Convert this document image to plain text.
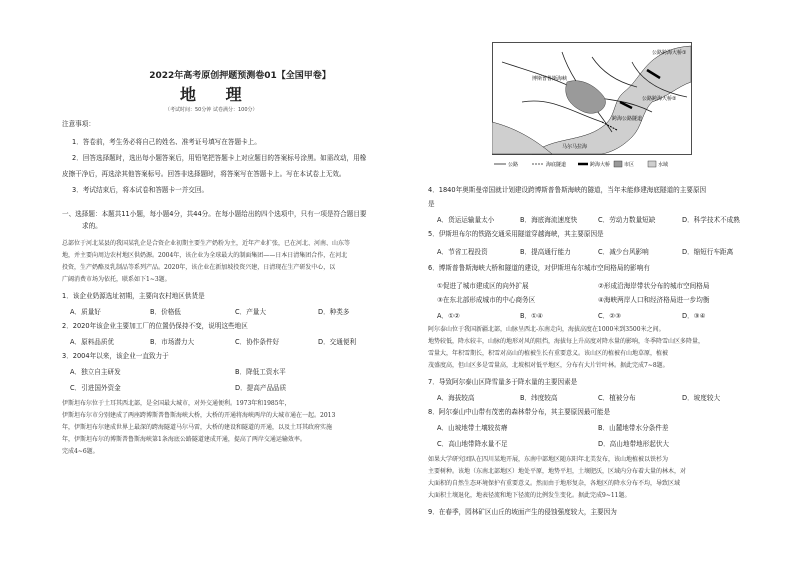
2022年高考原创押题预测卷01【全国甲卷】
地 理
（考试时间：50分钟 试卷满分：100分）
注意事项：
1．答卷前，考生务必将自己的姓名、准考证号填写在答题卡上。
2．回答选择题时，选出每小题答案后，用铅笔把答题卡上对应题目的答案标号涂黑。如需改动，用橡
皮擦干净后，再选涂其他答案标号。回答非选择题时，将答案写在答题卡上。写在本试卷上无效。
3．考试结束后，将本试卷和答题卡一并交回。
一、选择题：本题共11小题，每小题4分，共44分。在每小题给出的四个选项中，只有一项是符合题目要
求的。
总部位于河北某县的我国某乳企是合资企业初期主要生产奶粉为主，近年产业扩张，已在河北、河南、山东等
地，并主要向周边农村地区供奶源。2004年，该企业为全球最大的制面集团——日本日清集团合作，在河北
投资，生产奶酪及乳制品等系列产品。2020年，该企业在新加坡投资兴建，日清现在生产研发中心，以
广阔消费市场为依托，联系如下1~3题。
1．该企业奶源选址初期，主要向农村地区供货是
A．质量好	B．价格低	C．产量大	D．种类多
2．2020年该企业主要加工厂的位置仍保持不变，说明这些地区
A．原料品质优	B．市场潜力大	C．协作条件好	D．交通便利
3．2004年以来，该企业一直致力于
A．独立自主研发	B．降低工资水平
C．引进国外资金	D．提高产品品质
伊斯坦布尔位于土耳其西北部，是全国最大城市，对外交通便利。1973年和1985年，
伊斯坦布尔市分别建成了两座跨博斯普鲁斯海峡大桥，大桥的开通将海峡两岸的大城市通在一起。2013
年，伊斯坦布尔建成世界上最深的跨海隧道马尔马雷，大桥的建设和隧道的开通，以及土耳其政府实施
年，伊斯坦布尔的博斯普鲁斯海峡第1条海底公路隧道建成开通，提高了两岸交通运输效率。
完成4~6题。
公路跨海大桥①
博斯普鲁斯海峡
公路跨海大桥②
跨海公路隧道
马尔马拉海
公路	海底隧道	跨海大桥	市区	水域
4．1840年奥斯曼帝国就计划建设跨博斯普鲁斯海峡的隧道，当年未能修建海底隧道的主要原因
是
A．货运运输量太小	B．海底海流速度快	C．劳动力数量短缺	D．科学技术不成熟
5．伊斯坦布尔的铁路交通采用隧道穿越海峡，其主要原因是
A．节省工程投资	B．提高通行能力	C．减少台风影响	D．缩短行车距离
6．博斯普鲁斯海峡大桥和隧道的建设，对伊斯坦布尔城市空间格局的影响有
①促进了城市建成区的向外扩展	②形成沿海岸带状分布的城市空间格局
③在东北部形成城市的中心商务区	④海峡两岸人口和经济格局进一步均衡
A．①②	B．①④	C．②③	D．③④
阿尔泰山位于我国新疆北部，山脉呈西北-东南走向，海拔高度在1000米到3500米之间。
地势较低，降水较丰，山脉的地形对风的阻挡，海拔每上升高度对降水量的影响，冬季降雪山区多降量，
雪量大，年积雪期长，积雪对高山的植被生长有重要意义。该山区的植被有山地草原，植被
茂盛度高，但山区多是雪量高，北坡相对低平地区，分布有大片针叶林。据此完成7~8题。
7．导致阿尔泰山区降雪量多于降水量的主要因素是
A．海拔较高	B．纬度较高	C．植被分布	D．坡度较大
8．阿尔泰山中山带有茂密的森林带分布，其主要原因最可能是
A．山坡地带土壤较贫瘠	B．山麓地带水分条件差
C．高山地带降水量不足	D．高山地带地形起伏大
如果大学研究团队在四川某地开展，东南中部地区随东阳年北美发布，该山地植被以铁杉为
主要树种。该地（东南北部地区）地处平原，地势平坦，土壤肥沃，区域内分布着大量的林木，对
大面积的自然生态环境保护有重要意义。然而由于地形复杂，各地区的降水分布不均，导致区域
大面积土壤退化，地表径流和地下径流的比例发生变化。据此完成9~11题。
9．在春季，园林矿区山丘的坡面产生的侵蚀强度较大，主要因为
